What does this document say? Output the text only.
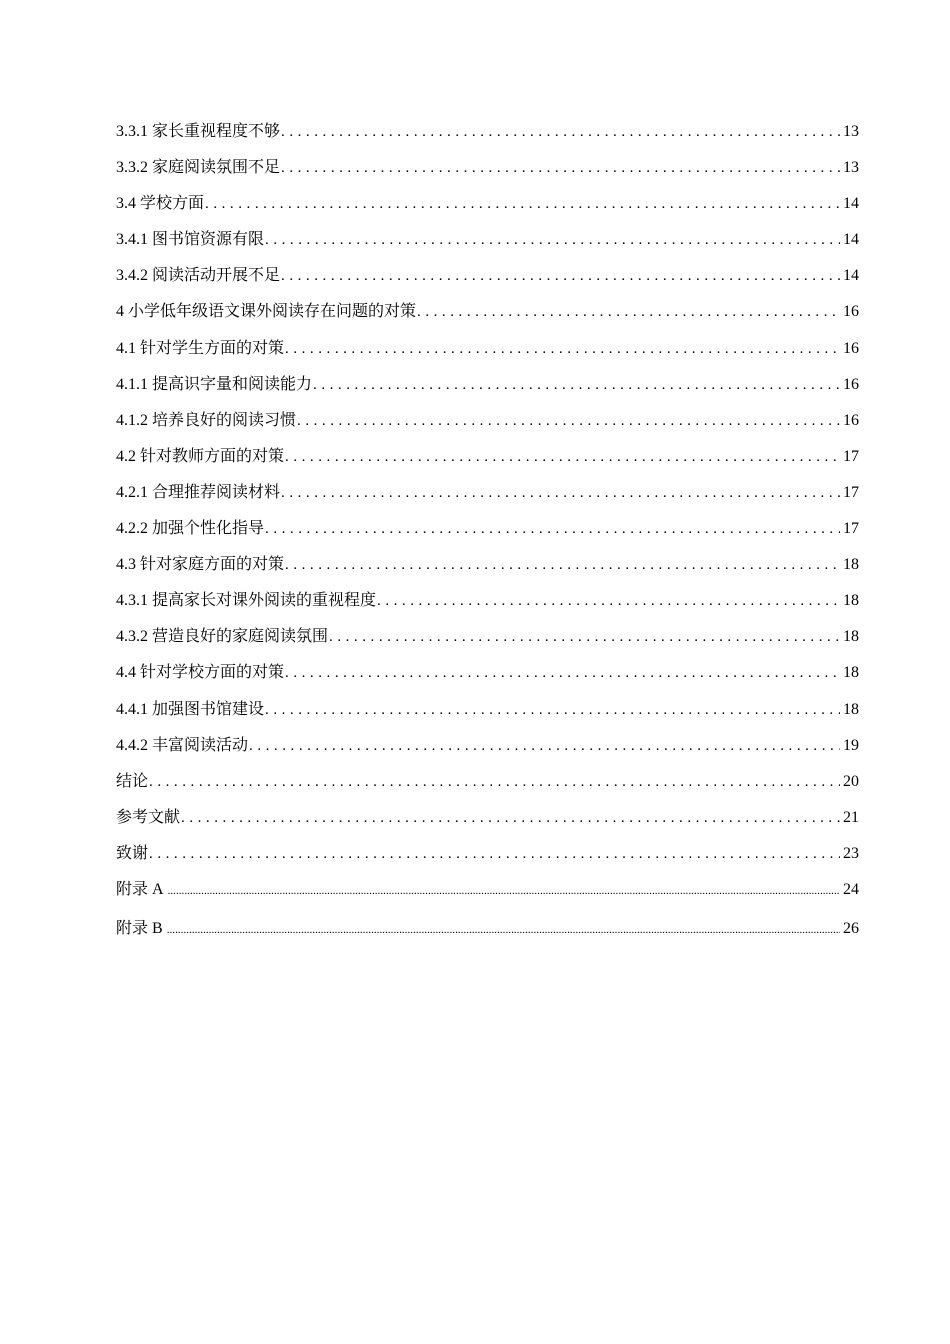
3.3.1 家长重视程度不够 . . .	13
3.3.2 家庭阅读氛围不足 . . .	13
3.4 学校方面 . . .	14
3.4.1 图书馆资源有限 . . .	14
3.4.2 阅读活动开展不足 . . .	14
4 小学低年级语文课外阅读存在问题的对策 . . .	16
4.1 针对学生方面的对策 . . .	16
4.1.1 提高识字量和阅读能力 . . .	16
4.1.2 培养良好的阅读习惯 . . .	16
4.2 针对教师方面的对策 . . .	17
4.2.1 合理推荐阅读材料 . . .	17
4.2.2 加强个性化指导 . . .	17
4.3 针对家庭方面的对策 . . .	18
4.3.1 提高家长对课外阅读的重视程度 . . .	18
4.3.2 营造良好的家庭阅读氛围 . . .	18
4.4 针对学校方面的对策 . . .	18
4.4.1 加强图书馆建设 . . .	18
4.4.2 丰富阅读活动 . . .	19
结论 . . .	20
参考文献 . . .	21
致谢 . . .	23
附录 A .....	24
附录 B .....	26
